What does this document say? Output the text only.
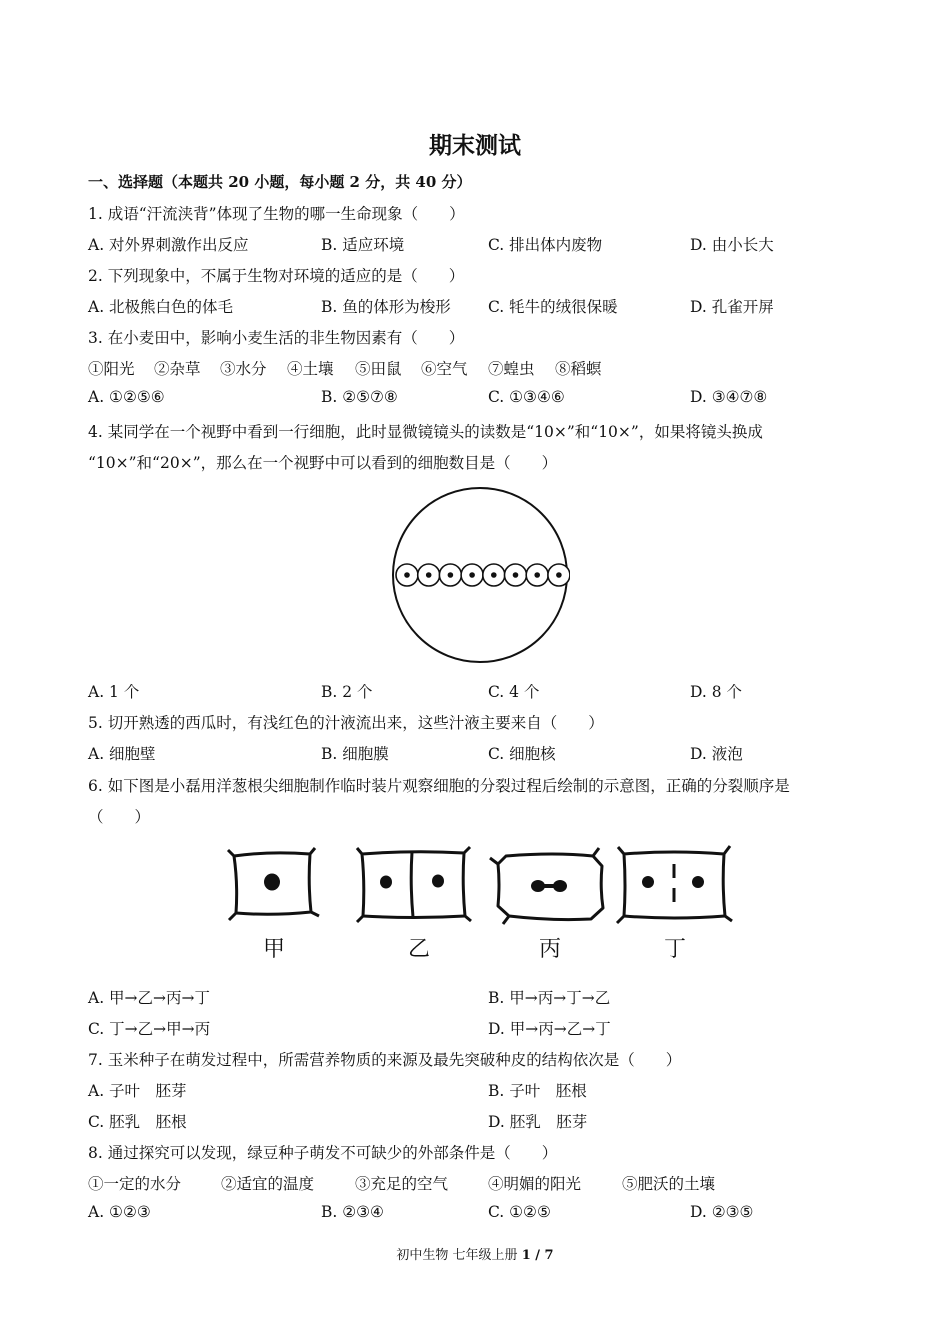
期末测试
一、选择题（本题共 20 小题，每小题 2 分，共 40 分）
1. 成语“汗流浃背”体现了生物的哪一生命现象（　　）
A. 对外界刺激作出反应	B. 适应环境	C. 排出体内废物	D. 由小长大
2. 下列现象中，不属于生物对环境的适应的是（　　）
A. 北极熊白色的体毛	B. 鱼的体形为梭形 C. 牦牛的绒很保暖	D. 孔雀开屏
3. 在小麦田中，影响小麦生活的非生物因素有（　　）
①阳光 ②杂草 ③水分 ④土壤 ⑤田鼠 ⑥空气 ⑦蝗虫 ⑧稻螟
A. ①②⑤⑥	B. ②⑤⑦⑧	C. ①③④⑥	D. ③④⑦⑧
4. 某同学在一个视野中看到一行细胞，此时显微镜镜头的读数是“10×”和“10×”，如果将镜头换成
“10×”和“20×”，那么在一个视野中可以看到的细胞数目是（　　）
A. 1 个	B. 2 个	C. 4 个	D. 8 个
5. 切开熟透的西瓜时，有浅红色的汁液流出来，这些汁液主要来自（　　）
A. 细胞壁	B. 细胞膜	C. 细胞核	D. 液泡
6. 如下图是小磊用洋葱根尖细胞制作临时装片观察细胞的分裂过程后绘制的示意图，正确的分裂顺序是
（　　）
甲	乙	丙	丁
A. 甲→乙→丙→丁	B. 甲→丙→丁→乙
C. 丁→乙→甲→丙	D. 甲→丙→乙→丁
7. 玉米种子在萌发过程中，所需营养物质的来源及最先突破种皮的结构依次是（　　）
A. 子叶　胚芽	B. 子叶　胚根
C. 胚乳　胚根	D. 胚乳　胚芽
8. 通过探究可以发现，绿豆种子萌发不可缺少的外部条件是（　　）
①一定的水分	②适宜的温度	③充足的空气	④明媚的阳光	⑤肥沃的土壤
A. ①②③	B. ②③④	C. ①②⑤	D. ②③⑤
初中生物 七年级上册 1 / 7
